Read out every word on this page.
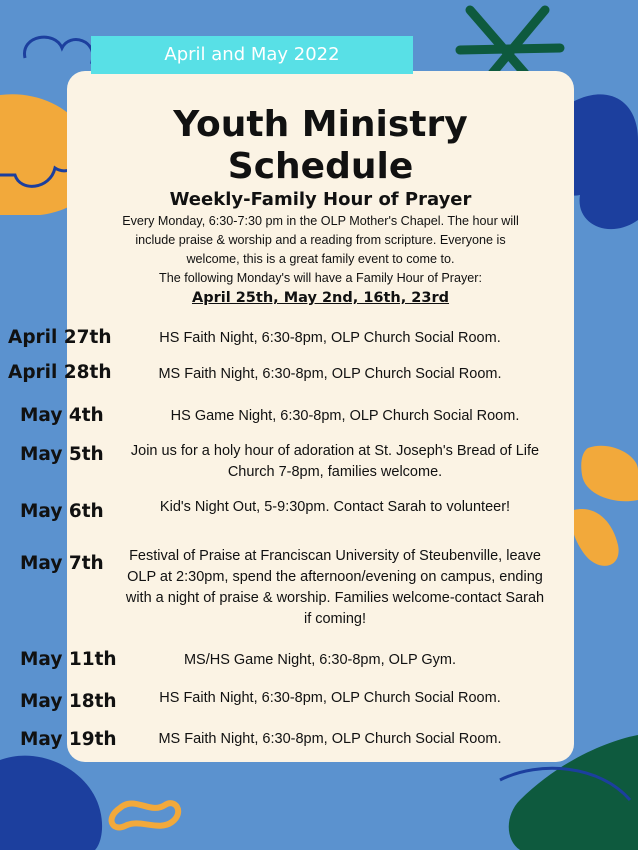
April and May 2022
Youth Ministry
Schedule
Weekly-Family Hour of Prayer

Every Monday, 6:30-7:30 pm in the OLP Mother's Chapel. The hour will

include praise & worship and a reading from scripture. Everyone is

welcome, this is a great family event to come to.

The following Monday's will have a Family Hour of Prayer:

April 25th, May 2nd, 16th, 23rd
April 27th	HS Faith Night, 6:30-8pm, OLP Church Social Room.
April 28th	MS Faith Night, 6:30-8pm, OLP Church Social Room.
May 4th	HS Game Night, 6:30-8pm, OLP Church Social Room.
May 5th	Join us for a holy hour of adoration at St. Joseph's Bread of Life Church 7-8pm, families welcome.
May 6th	Kid's Night Out, 5-9:30pm. Contact Sarah to volunteer!
May 7th	Festival of Praise at Franciscan University of Steubenville, leave OLP at 2:30pm, spend the afternoon/evening on campus, ending with a night of praise & worship. Families welcome-contact Sarah if coming!
May 11th	MS/HS Game Night, 6:30-8pm, OLP Gym.
May 18th	HS Faith Night, 6:30-8pm, OLP Church Social Room.
May 19th	MS Faith Night, 6:30-8pm, OLP Church Social Room.
